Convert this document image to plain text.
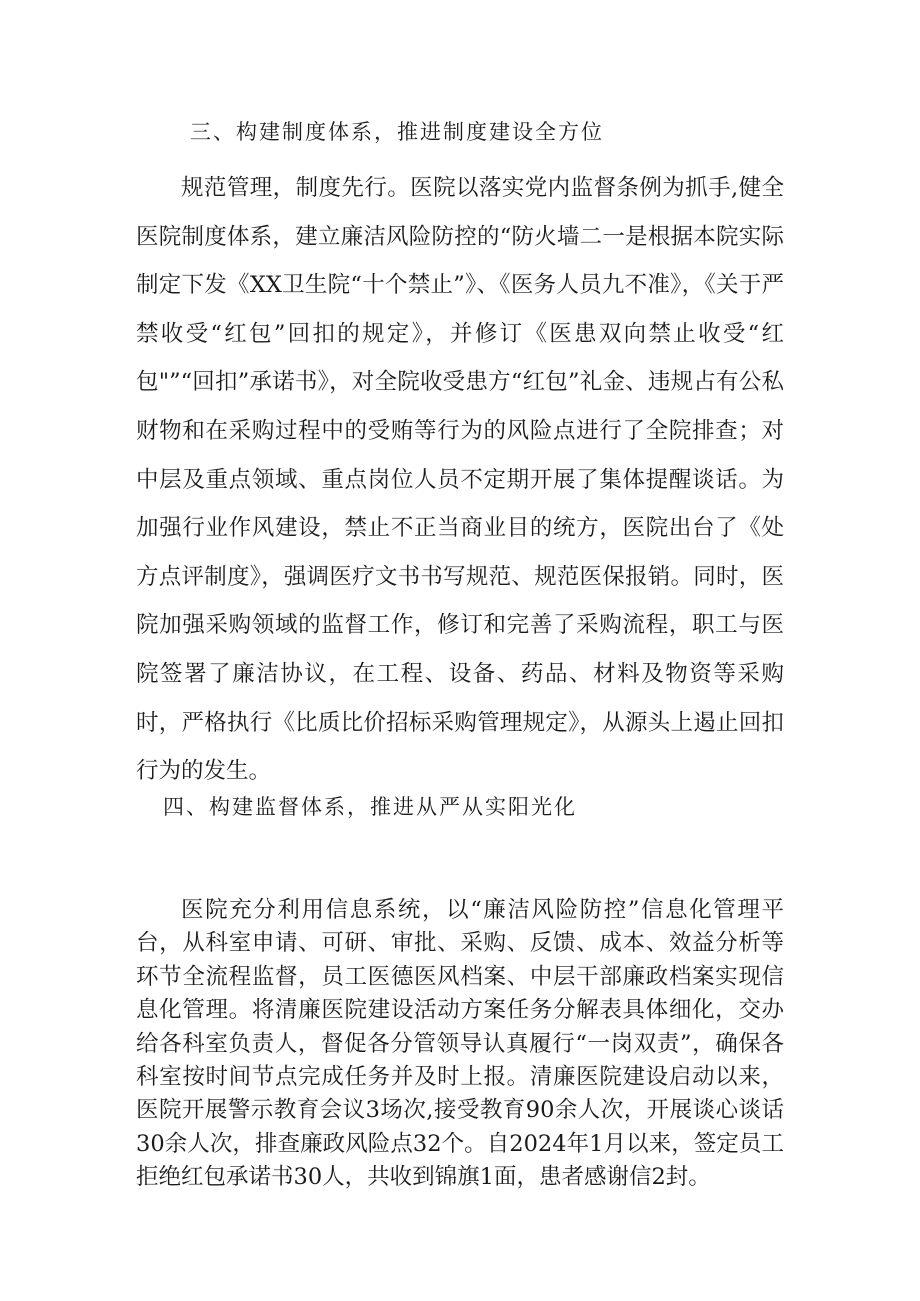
三、构建制度体系，推进制度建设全方位

规范管理，制度先行。医院以落实党内监督条例为抓手,健全医院制度体系，建立廉洁风险防控的“防火墙二一是根据本院实际制定下发《XX卫生院“十个禁止”》、《医务人员九不准》，《关于严禁收受“红包”回扣的规定》，并修订《医患双向禁止收受“红包"”“回扣”承诺书》，对全院收受患方“红包”礼金、违规占有公私财物和在采购过程中的受贿等行为的风险点进行了全院排查；对中层及重点领域、重点岗位人员不定期开展了集体提醒谈话。为加强行业作风建设，禁止不正当商业目的统方，医院出台了《处方点评制度》，强调医疗文书书写规范、规范医保报销。同时，医院加强采购领域的监督工作，修订和完善了采购流程，职工与医院签署了廉洁协议，在工程、设备、药品、材料及物资等采购时，严格执行《比质比价招标采购管理规定》，从源头上遏止回扣行为的发生。

四、构建监督体系，推进从严从实阳光化

医院充分利用信息系统，以“廉洁风险防控”信息化管理平台，从科室申请、可研、审批、采购、反馈、成本、效益分析等环节全流程监督，员工医德医风档案、中层干部廉政档案实现信息化管理。将清廉医院建设活动方案任务分解表具体细化，交办给各科室负责人，督促各分管领导认真履行“一岗双责”，确保各科室按时间节点完成任务并及时上报。清廉医院建设启动以来，医院开展警示教育会议3场次,接受教育90余人次，开展谈心谈话30余人次，排查廉政风险点32个。自2024年1月以来，签定员工拒绝红包承诺书30人，共收到锦旗1面，患者感谢信2封。
